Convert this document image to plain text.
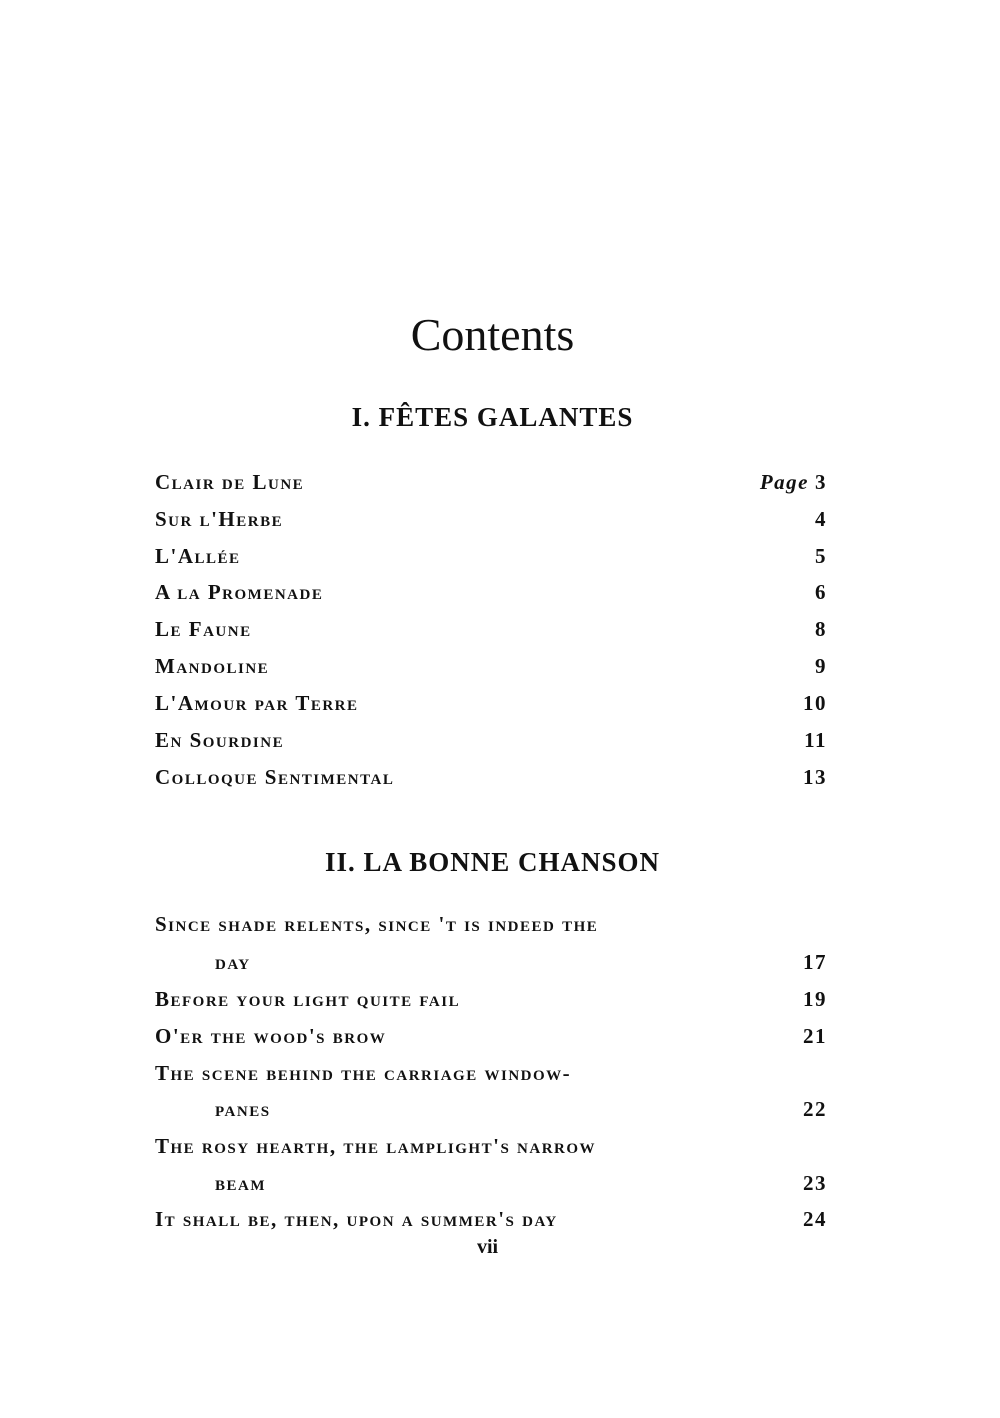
Contents
I. FÊTES GALANTES
Clair de Lune	Page 3
Sur l'Herbe	4
L'Allée	5
A la Promenade	6
Le Faune	8
Mandoline	9
L'Amour par Terre	10
En Sourdine	11
Colloque Sentimental	13
II. LA BONNE CHANSON
Since shade relents, since 't is indeed the
day	17
Before your light quite fail	19
O'er the wood's brow	21
The scene behind the carriage window-
panes	22
The rosy hearth, the lamplight's narrow
beam	23
It shall be, then, upon a summer's day	24
vii
